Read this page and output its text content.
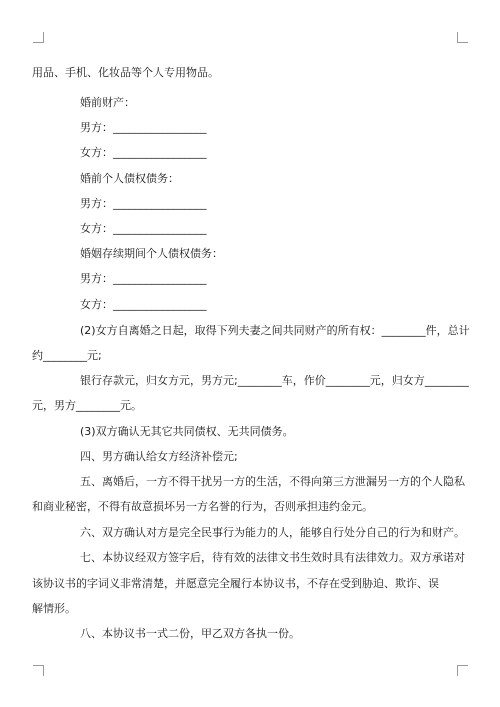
用品、手机、化妆品等个人专用物品。
婚前财产：
男方：_________________
女方：_________________
婚前个人债权债务：
男方：_________________
女方：_________________
婚姻存续期间个人债权债务：
男方：_________________
女方：_________________
(2)女方自离婚之日起，取得下列夫妻之间共同财产的所有权：________件，总计
约________元;
银行存款元，归女方元，男方元;________车，作价________元，归女方________
元，男方________元。
(3)双方确认无其它共同债权、无共同债务。
四、男方确认给女方经济补偿元;
五、离婚后，一方不得干扰另一方的生活，不得向第三方泄漏另一方的个人隐私
和商业秘密，不得有故意损坏另一方名誉的行为，否则承担违约金元。
六、双方确认对方是完全民事行为能力的人，能够自行处分自己的行为和财产。
七、本协议经双方签字后，待有效的法律文书生效时具有法律效力。双方承诺对
该协议书的字词义非常清楚，并愿意完全履行本协议书，不存在受到胁迫、欺诈、误
解情形。
八、本协议书一式二份，甲乙双方各执一份。
